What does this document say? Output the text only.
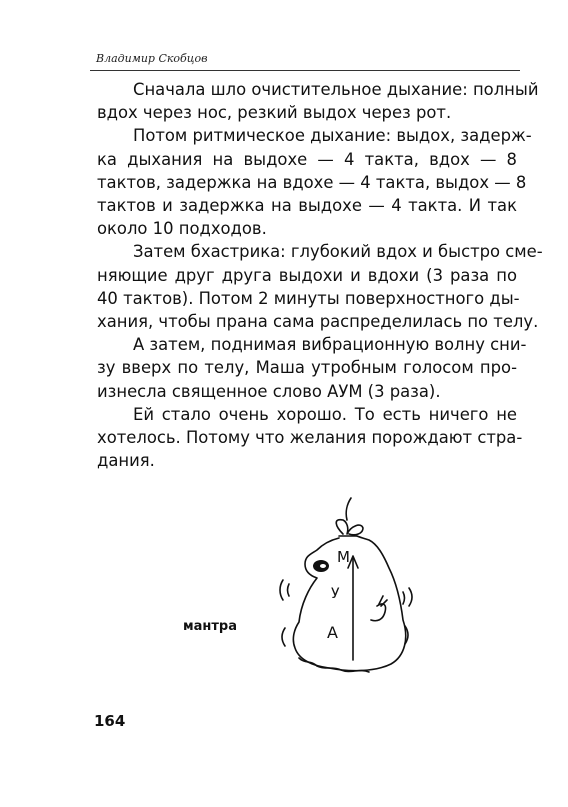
Владимир Скобцов

Сначала шло очистительное дыхание: полный
вдох через нос, резкий выдох через рот.

Потом ритмическое дыхание: выдох, задерж-
ка дыхания на выдохе — 4 такта, вдох — 8
тактов, задержка на вдохе — 4 такта, выдох — 8
тактов и задержка на выдохе — 4 такта. И так
около 10 подходов.

Затем бхастрика: глубокий вдох и быстро сме-
няющие друг друга выдохи и вдохи (3 раза по
40 тактов). Потом 2 минуты поверхностного ды-
хания, чтобы прана сама распределилась по телу.

А затем, поднимая вибрационную волну сни-
зу вверх по телу, Маша утробным голосом про-
изнесла священное слово АУМ (3 раза).

Ей стало очень хорошо. То есть ничего не
хотелось. Потому что желания порождают стра-
дания.

мантра
М
У
А
164
